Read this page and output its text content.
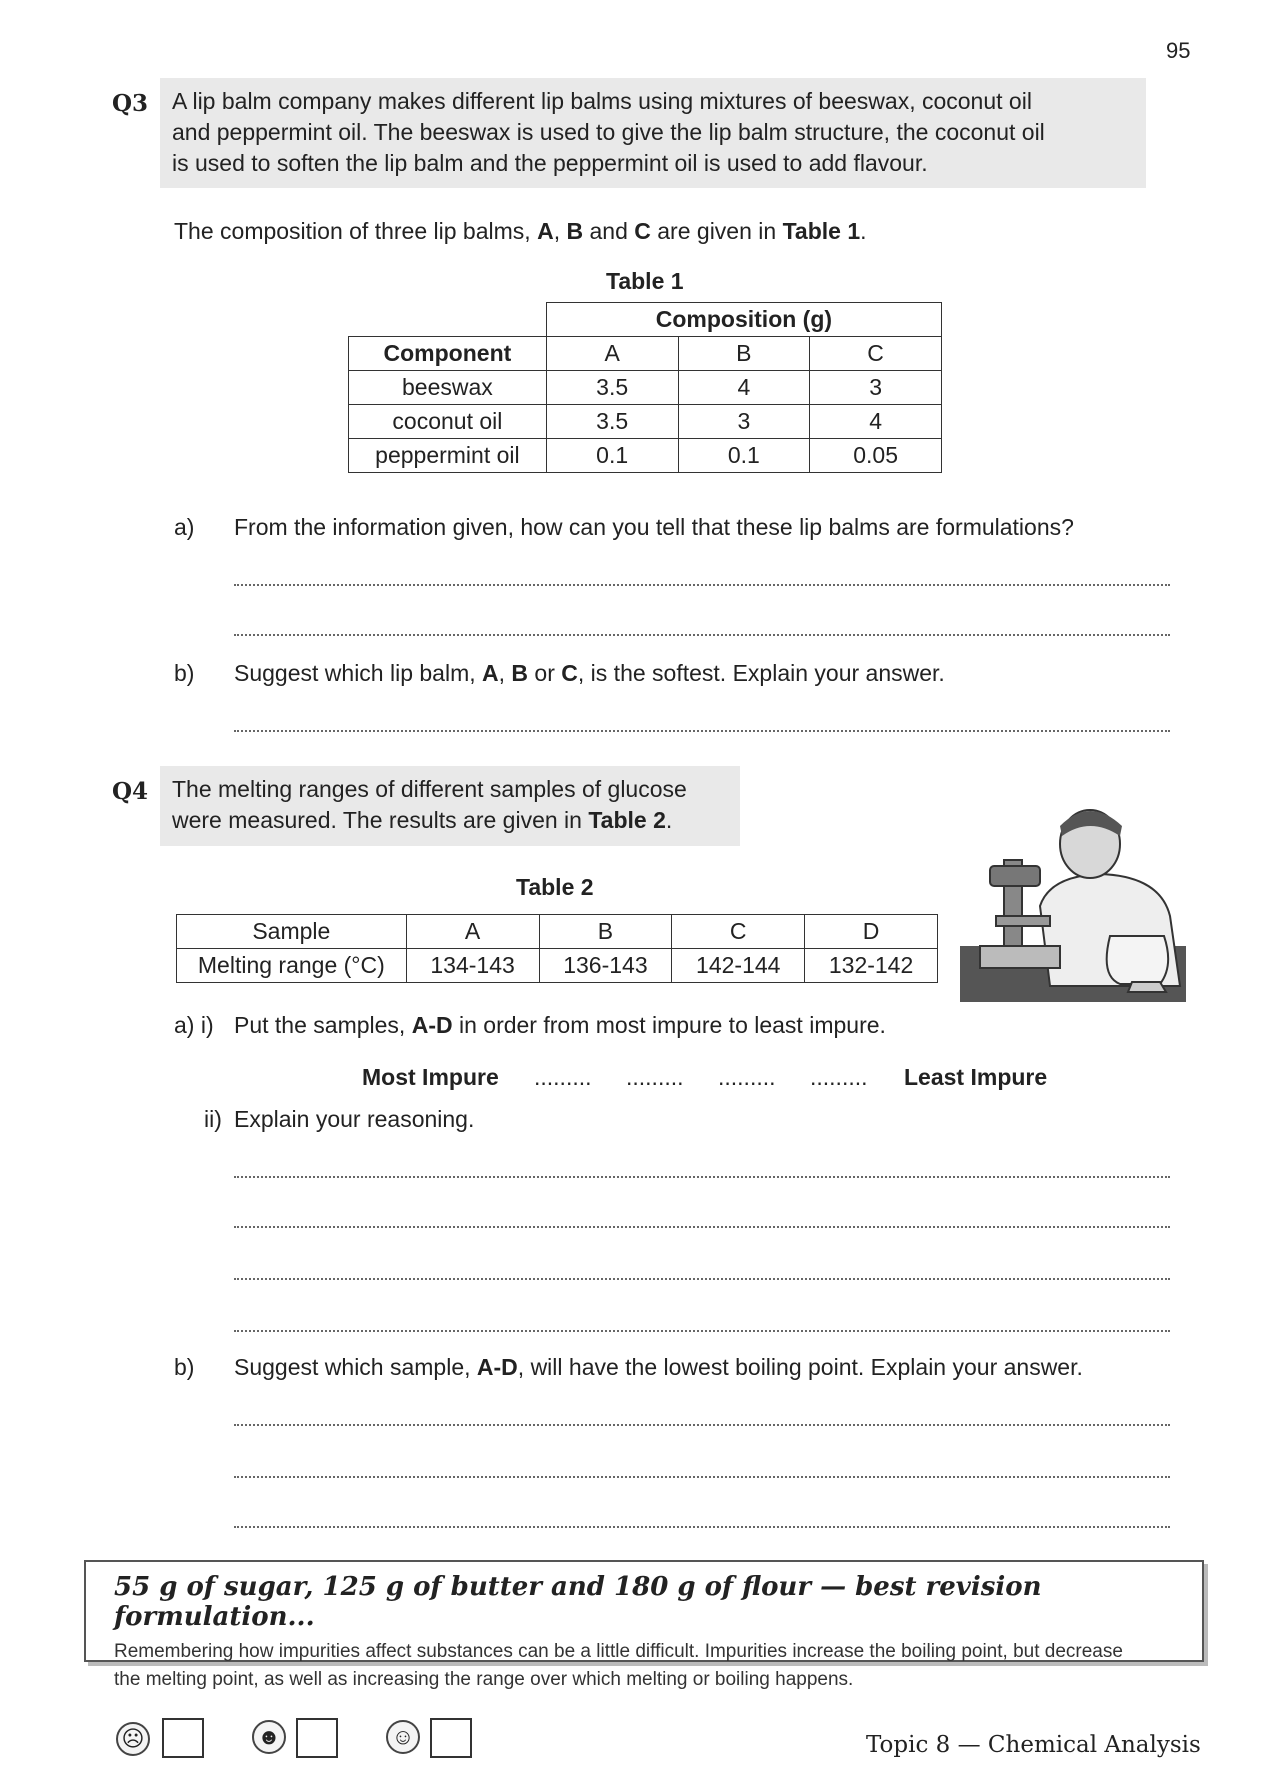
95
Q3 A lip balm company makes different lip balms using mixtures of beeswax, coconut oil
and peppermint oil. The beeswax is used to give the lip balm structure, the coconut oil
is used to soften the lip balm and the peppermint oil is used to add flavour.
The composition of three lip balms, A, B and C are given in Table 1.
Table 1
	Composition (g)		
Component	A	B	C
beeswax	3.5	4	3
coconut oil	3.5	3	4
peppermint oil	0.1	0.1	0.05
a) From the information given, how can you tell that these lip balms are formulations?
b) Suggest which lip balm, A, B or C, is the softest. Explain your answer.
Q4 The melting ranges of different samples of glucose
were measured. The results are given in Table 2.
Table 2
Sample	A	B	C	D
Melting range (°C)	134-143	136-143	142-144	132-142
a) i) Put the samples, A-D in order from most impure to least impure.
Most Impure ......... ......... ......... ......... Least Impure
ii) Explain your reasoning.
b) Suggest which sample, A-D, will have the lowest boiling point. Explain your answer.
55 g of sugar, 125 g of butter and 180 g of flour — best revision formulation...
Remembering how impurities affect substances can be a little difficult. Impurities increase the boiling point, but decrease
the melting point, as well as increasing the range over which melting or boiling happens.
☹	☻	☺	Topic 8 — Chemical Analysis
